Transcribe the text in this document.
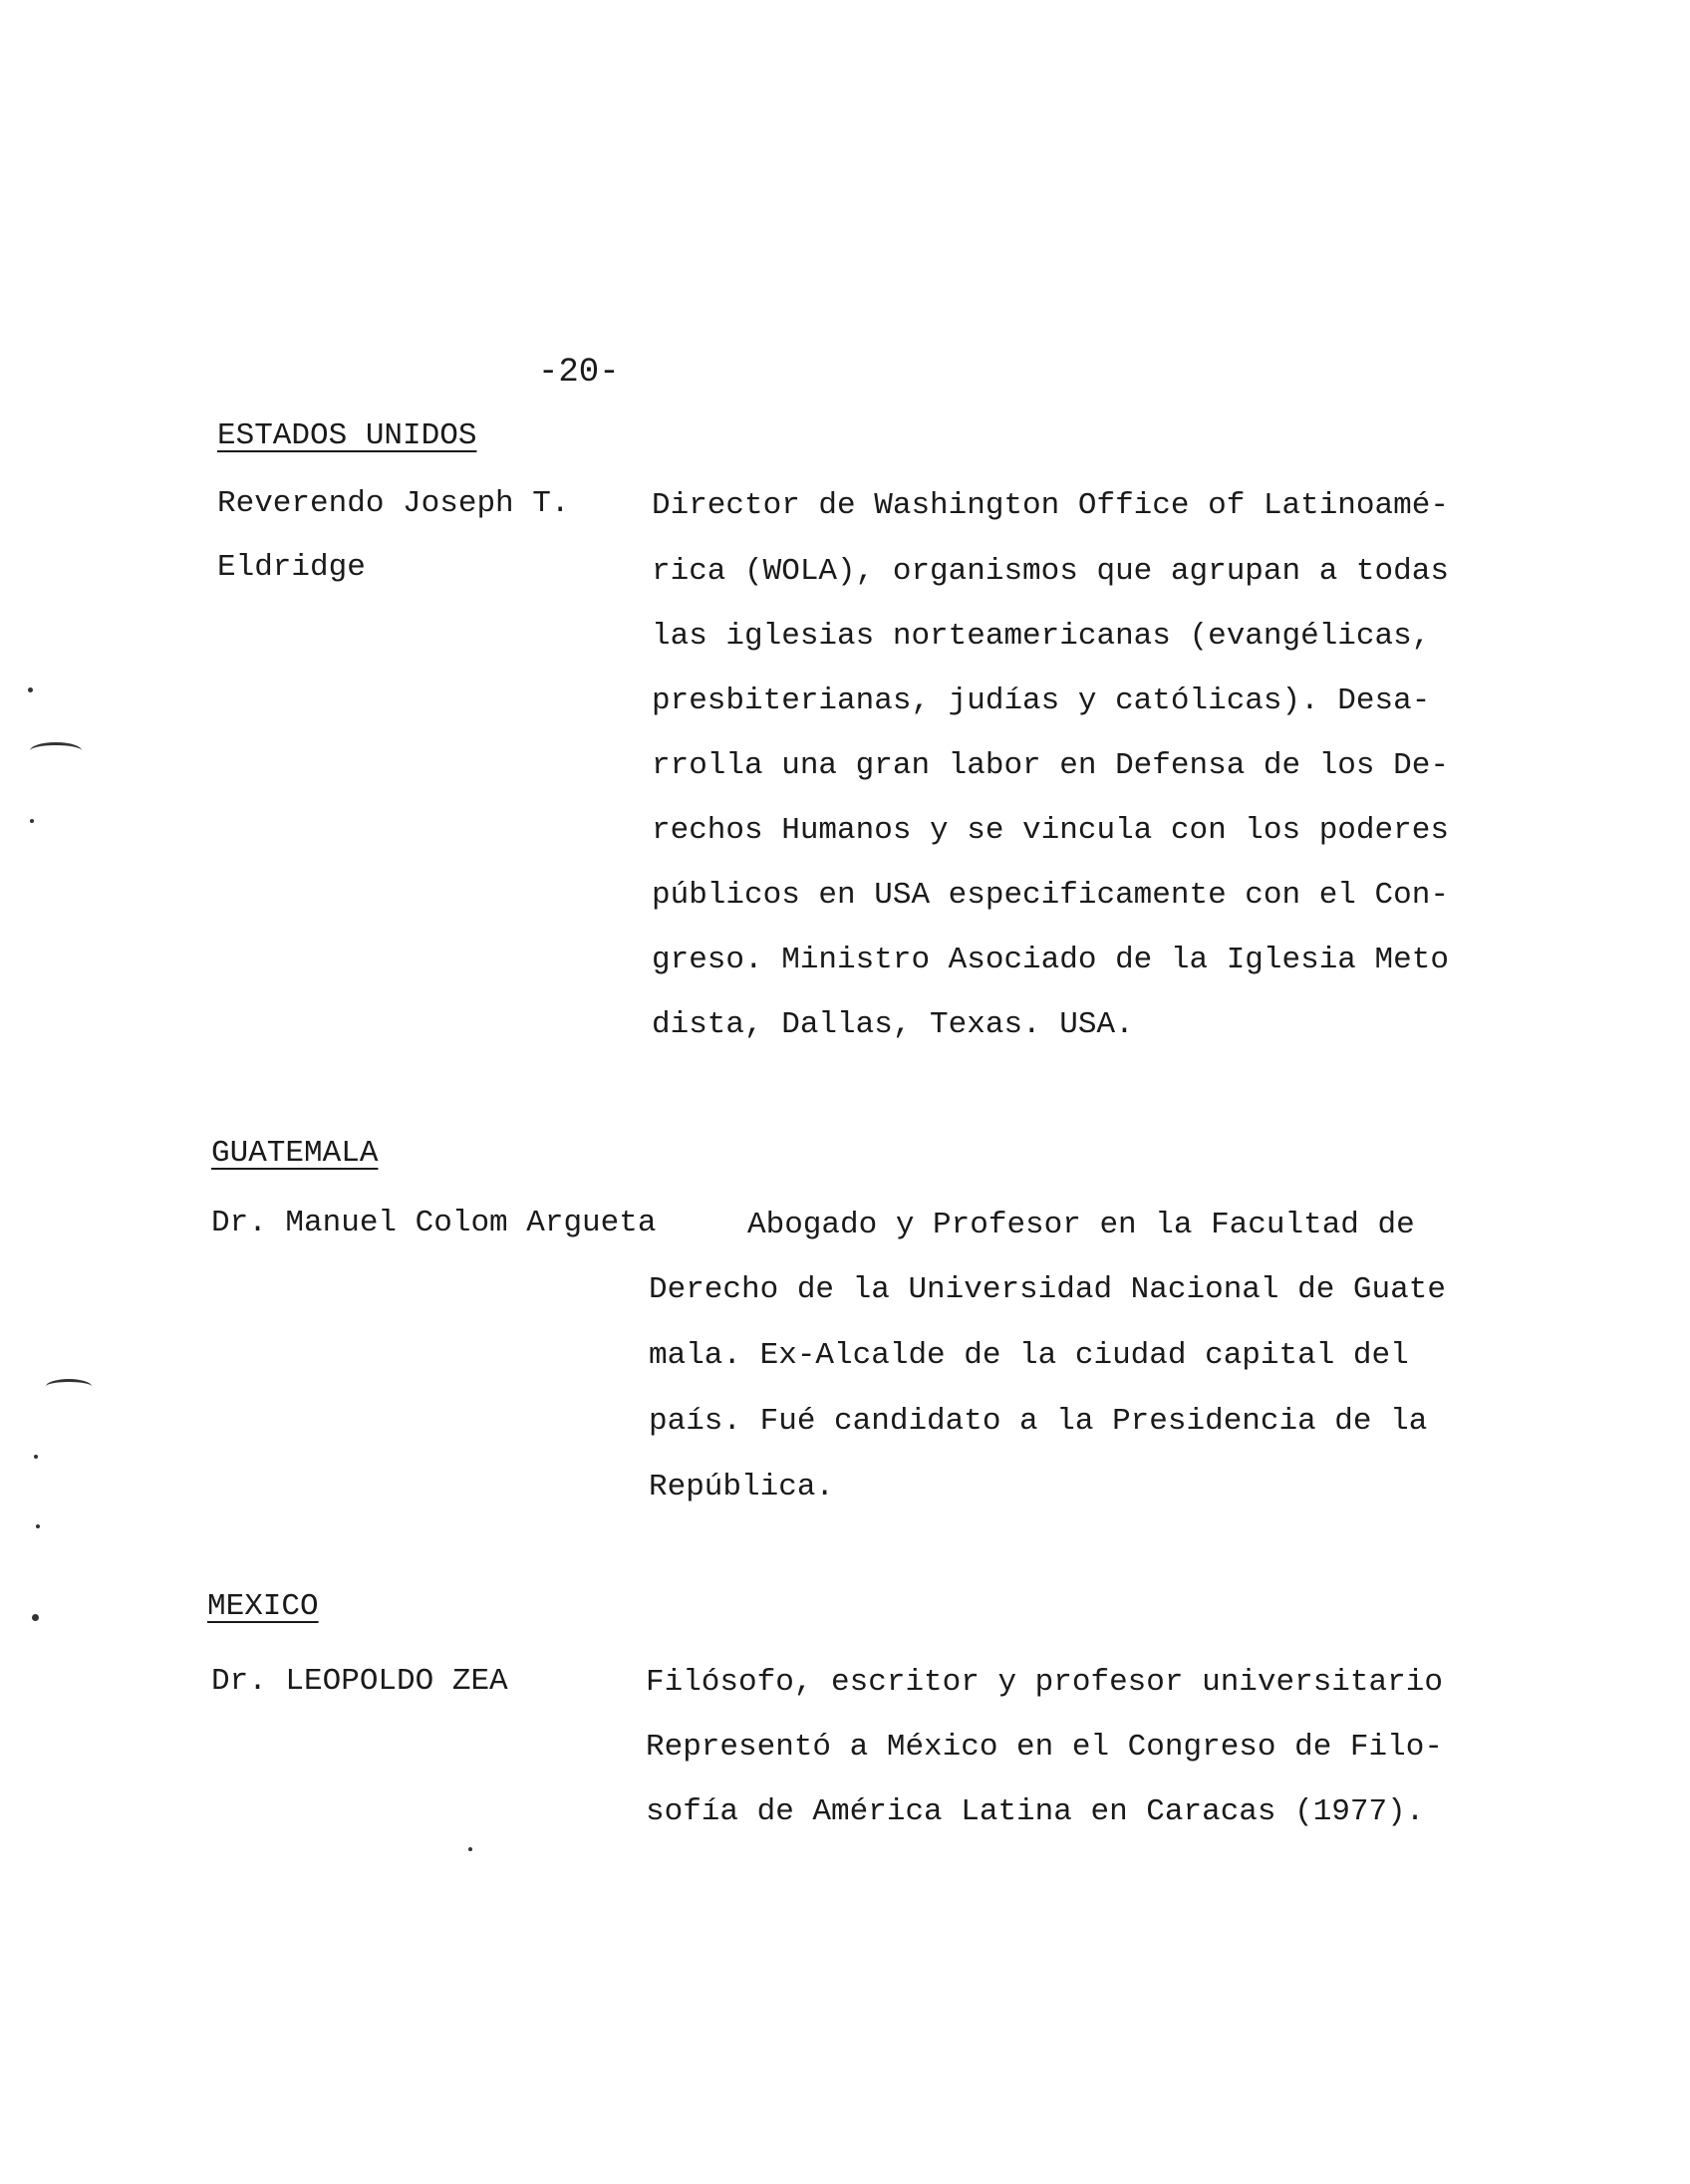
-20-
ESTADOS UNIDOS
Reverendo Joseph T.
Eldridge
Director de Washington Office of Latinoamé-
rica (WOLA), organismos que agrupan a todas
las iglesias norteamericanas (evangélicas,
presbiterianas, judías y católicas). Desa-
rrolla una gran labor en Defensa de los De-
rechos Humanos y se vincula con los poderes
públicos en USA especificamente con el Con-
greso. Ministro Asociado de la Iglesia Meto
dista, Dallas, Texas. USA.
GUATEMALA
Dr. Manuel Colom Argueta	Abogado y Profesor en la Facultad de
Derecho de la Universidad Nacional de Guate
mala. Ex-Alcalde de la ciudad capital del
país. Fué candidato a la Presidencia de la
República.
MEXICO
Dr. LEOPOLDO ZEA	Filósofo, escritor y profesor universitario
Representó a México en el Congreso de Filo-
sofía de América Latina en Caracas (1977).
